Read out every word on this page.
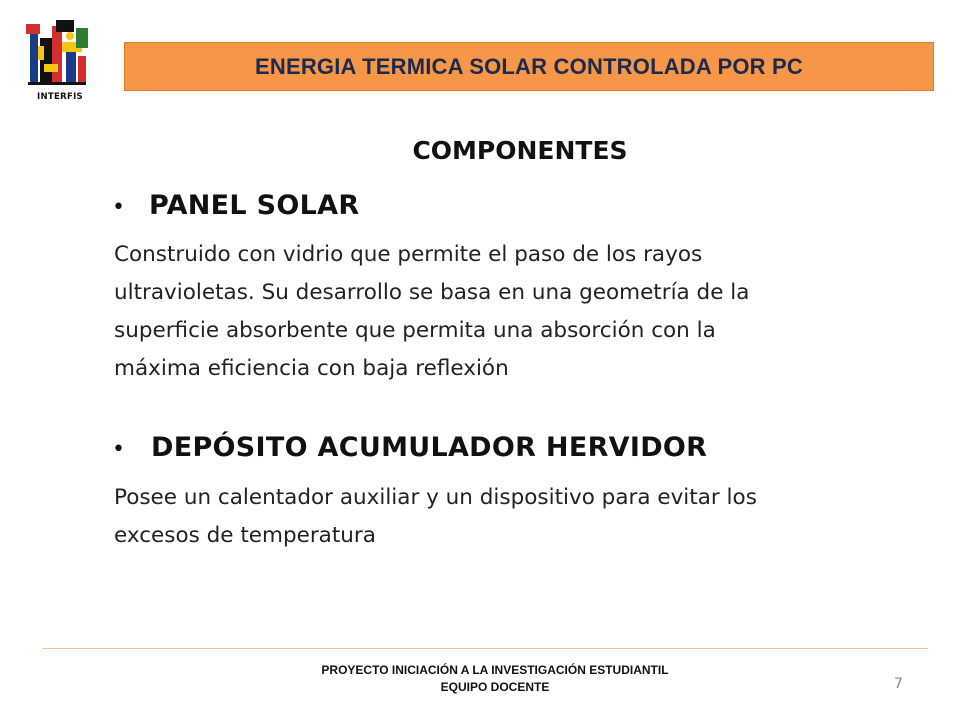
INTERFIS
ENERGIA TERMICA SOLAR CONTROLADA POR PC
COMPONENTES
• PANEL SOLAR
Construido con vidrio que permite el paso de los rayos
ultravioletas. Su desarrollo se basa en una geometría de la
superficie absorbente que permita una absorción con la
máxima eficiencia con baja reflexión
• DEPÓSITO ACUMULADOR HERVIDOR
Posee un calentador auxiliar y un dispositivo para evitar los
excesos de temperatura
PROYECTO INICIACIÓN A LA INVESTIGACIÓN ESTUDIANTIL
EQUIPO DOCENTE	7
